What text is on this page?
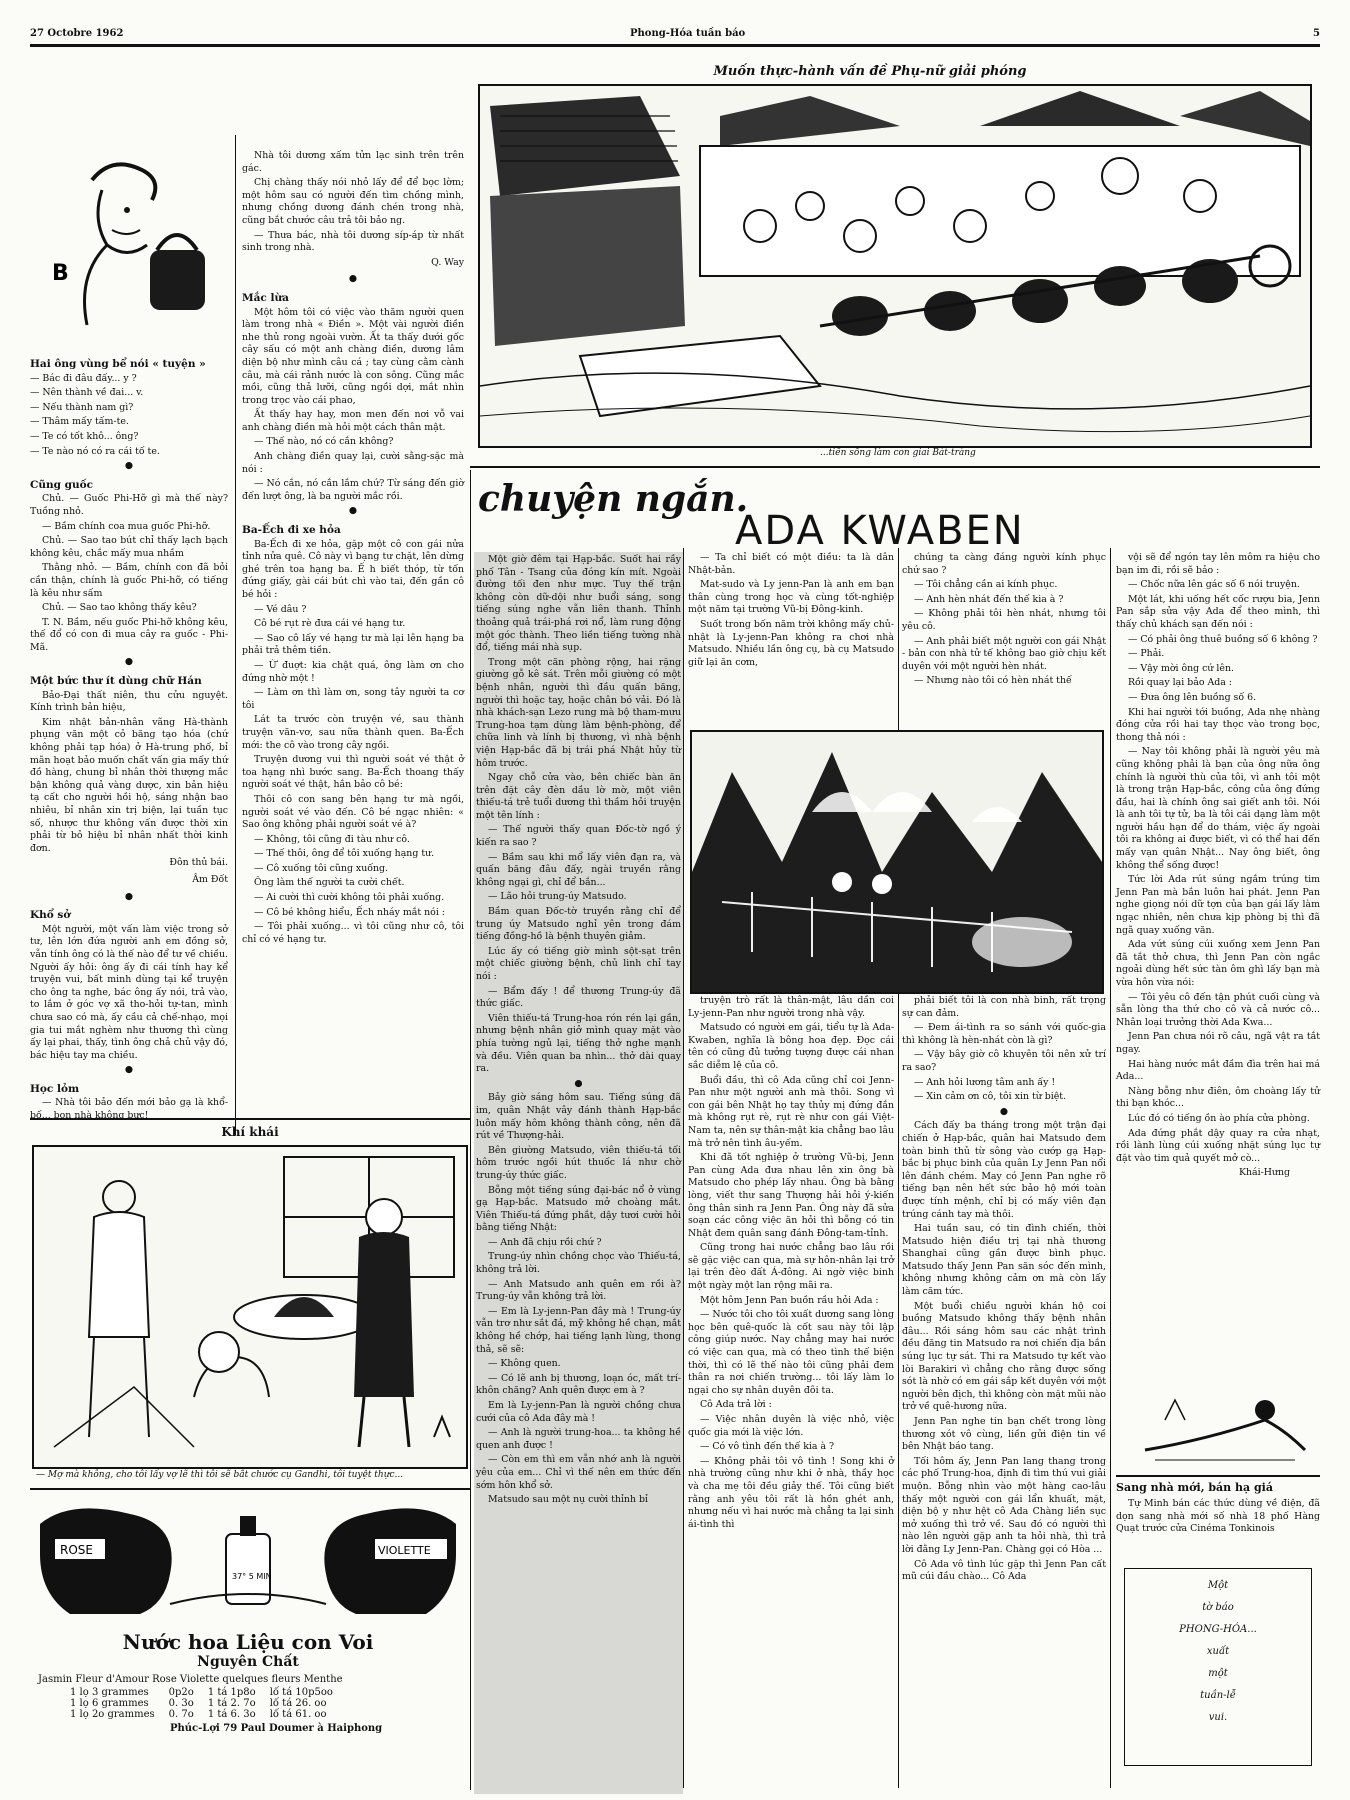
27 Octobre 1962	Phong-Hóa tuần báo	5
B
Hai ông vùng bể nói « tuyện »

— Bác đi đâu đấy... y ?

— Nên thành về đai... v.

— Nếu thành nam gì?

— Thâm mấy tấm-te.

— Te có tốt khô... ông?

— Te nào nó có ra cái tố te.

●

Cũng guốc

Chủ. — Guốc Phi-Hỡ gì mà thế này? Tuồng nhỏ.

— Bầm chính coa mua guốc Phi-hỡ.

Chủ. — Sao tao bút chỉ thấy lạch bạch không kêu, chắc mấy mua nhầm

Thằng nhỏ. — Bầm, chính con đã bỏi cần thận, chính là guốc Phi-hỡ, có tiếng là kêu như sấm

Chủ. — Sao tao không thấy kêu?

T. N. Bầm, nếu guốc Phi-hỡ không kêu, thế đổ có con đi mua cây ra guốc - Phi-Mã.

●

Một bức thư ít dùng chữ Hán

Bảo-Đại thất niên, thu cửu nguyệt. Kính trình bản hiệu,

Kim nhật bản-nhân vãng Hà-thành phụng văn một cỏ băng tạo hóa (chứ không phải tạp hóa) ở Hà-trung phố, bỉ mãn hoạt bảo muốn chất vấn gia mấy thứ đồ hàng, chung bỉ nhân thời thượng mắc bận không quả vàng dược, xin bản hiệu tạ cất cho người hồi hộ, sáng nhận bao nhiêu, bỉ nhân xin trị biện, lại tuần tục số, nhược thư không vấn được thời xin phải từ bỏ hiệu bỉ nhân nhất thời kinh đơn.

Đôn thủ bái.

Âm Đốt

●

Khổ sở

Một người, một vấn làm việc trong sở tư, lên lớn đứa người anh em đồng sở, vẫn tính ông có là thế nào để tư về chiều. Người ấy hỏi: ông ấy đi cái tính hay kể truyện vui, bất minh dùng tại kể truyện cho ông ta nghe, bác ông ấy nói, trả vào, to lắm ở góc vợ xã tho-hỏi tự-tan, mình chưa sao có mà, ấy cầu cả chế-nhạo, mọi gia tui mắt nghèm như thương thì cùng ấy lại phai, thấy, tình ông chả chủ vậy đó, bác hiệu tay ma chiều.

●

Học lỏm

— Nhà tôi bảo đến mới bảo gạ là khổ-bố... bọn nhà không bực!

Nhà tôi dương xấm tửn lạc sinh trên trên gác.

Chị chàng thấy nói nhỏ lấy để để bọc lờm; một hôm sau có người đến tìm chồng mình, nhưng chồng dương đánh chén trong nhà, cũng bắt chước câu trả tôi bảo ng.

— Thưa bác, nhà tôi dương síp-áp từ nhất sinh trong nhà.

Q. Way

●

Mắc lừa

Một hôm tôi có việc vào thăm người quen làm trong nhà « Điền ». Một vài người điền nhe thủ rong ngoài vườn. Ất ta thấy dưới gốc cây sấu có một anh chàng điền, dương lâm diện bộ như mình câu cá ; tay cùng cằm cành câu, mà cái rảnh nước là con sông. Cũng mắc mồi, cũng thả lưỡi, cũng ngồi dợi, mắt nhìn trong trọc vào cái phao,

Ất thấy hay hay, mon men đến nơi vỗ vai anh chàng điền mà hỏi một cách thân mật.

— Thế nào, nó có cắn không?

Anh chàng điền quay lại, cười sằng-sặc mà nói :

— Nó cắn, nó cắn lắm chứ? Từ sáng đến giờ đến lượt ông, là ba người mắc rồi.

●

Ba-Ếch đi xe hỏa

Ba-Ếch đi xe hỏa, gặp một cô con gái nửa tỉnh nửa quê. Cô này vì bạng tư chặt, lên dừng ghé trên toa hạng ba. Ế h biết thóp, từ tốn đứng giấy, gài cái bút chì vào tai, đến gần cô bé hỏi :

— Vé dâu ?

Cô bé rụt rè đưa cái vé hạng tư.

— Sao cô lấy vé hạng tư mà lại lên hạng ba phải trả thêm tiền.

— Ừ đuợt: kia chật quá, ông làm ơn cho đứng nhờ một !

— Làm ơn thì làm ơn, song tây người ta cơ tôi

Lát ta trước còn truyện vé, sau thành truyện văn-vơ, sau nữa thành quen. Ba-Ếch mới: the cô vào trong cây ngồi.

Truyện dương vui thì người soát vé thật ở toa hạng nhì bước sang. Ba-Ếch thoang thấy người soát vé thật, hắn bảo cô bé:

Thôi cô con sang bên hạng tư mà ngồi, người soát vé vào đến. Cô bé ngạc nhiên: « Sao ông không phải người soát vé à?

— Không, tôi cũng đi tàu như cô.

— Thế thôi, ông để tôi xuống hạng tư.

— Cô xuống tôi cũng xuống.

Ông làm thế người ta cười chết.

— Ai cười thì cười không tôi phải xuống.

— Cô bé không hiểu, Ếch nháy mắt nói :

— Tôi phải xuống... vì tôi cũng như cô, tôi chỉ có vé hạng tư.

Muốn thực-hành vấn đề Phụ-nữ giải phóng
...tiền sống làm con giai Bát-tràng
chuyện ngắn.
ADA KWABEN

Một giờ đêm tại Hạp-bắc. Suốt hai rầy phố Tân - Tsang của đóng kín mít. Ngoài đường tối đen như mực. Tuy thế trận không còn dữ-dội như buổi sáng, song tiếng súng nghe vẫn liên thanh. Thỉnh thoảng quả trái-phá rơi nổ, làm rung động một góc thành. Theo liền tiếng tường nhà đổ, tiếng mái nhà sụp.

Trong một căn phòng rộng, hai rặng giường gỗ kê sát. Trên mỗi giường có một bệnh nhân, người thì đầu quấn băng, người thì hoặc tay, hoặc chân bó vải. Đó là nhà khách-sạn Lezo rung mà bộ tham-mưu Trung-hoa tạm dùng làm bệnh-phòng, để chữa linh và lính bị thương, vì nhà bệnh viện Hạp-bắc đã bị trái phá Nhật hủy từ hôm trước.

Ngay chỗ cửa vào, bên chiếc bàn ăn trên đặt cây đèn dầu lờ mờ, một viên thiếu-tá trẻ tuổi dương thì thầm hỏi truyện một tên lính :

— Thế người thấy quan Đốc-tờ ngồ ý kiến ra sao ?

— Bầm sau khi mổ lấy viên đạn ra, và quấn băng đâu đấy, ngài truyền rằng không ngại gì, chỉ để bắn...

— Lão hỏi trung-úy Matsudo.

Bầm quan Đốc-tờ truyền rằng chỉ để trung úy Matsudo nghỉ yên trong đám tiếng đồng-hồ là bệnh thuyên giảm.

Lúc ấy có tiếng giờ mình sột-sạt trên một chiếc giường bệnh, chủ linh chỉ tay nói :

— Bẩm đấy ! để thương Trung-úy đã thức giấc.

Viên thiếu-tá Trung-hoa rón rén lại gần, nhưng bệnh nhân giở mình quay mặt vào phía tường ngủ lại, tiếng thở nghe mạnh và đều. Viên quan ba nhìn... thở dài quay ra.

●

Bảy giờ sáng hôm sau. Tiếng súng đã im, quân Nhật vây đánh thành Hạp-bắc luôn mấy hôm không thành công, nên đã rút về Thượng-hải.

Bên giường Matsudo, viên thiếu-tá tối hôm trước ngồi hút thuốc lá như chờ trung-úy thức giấc.

Bỗng một tiếng súng đại-bác nổ ở vùng gạ Hạp-bắc. Matsudo mở choàng mắt. Viên Thiếu-tá đứng phắt, dậy tươi cười hỏi bằng tiếng Nhật:

— Anh đã chịu rồi chứ ?

Trung-úy nhìn chồng chọc vào Thiếu-tá, không trả lời.

— Anh Matsudo anh quên em rồi à? Trung-úy vẫn không trả lời.

— Em là Ly-jenn-Pan đây mà ! Trung-úy vẫn trơ như sắt đá, mỹ không hề chạn, mắt không hề chớp, hai tiếng lạnh lùng, thong thả, sẽ sẽ:

— Không quen.

— Có lẽ anh bị thương, loạn óc, mất trí-khôn chăng? Anh quên được em à ?

Em là Ly-jenn-Pan là người chồng chưa cưới của cô Ada đây mà !

— Anh là người trung-hoa... ta không hề quen anh được !

— Còn em thì em vẫn nhớ anh là người yêu của em... Chỉ vì thế nên em thức đến sớm hôn khổ sở.

Matsudo sau một nụ cười thỉnh bỉ

— Ta chỉ biết có một điều: ta là dân Nhật-bản.

Mat-sudo và Ly jenn-Pan là anh em bạn thân cùng trong học và cùng tốt-nghiệp một năm tại trường Vũ-bị Đông-kinh.

Suốt trong bốn năm trời không mấy chủ-nhật là Ly-jenn-Pan không ra chơi nhà Matsudo. Nhiều lần ông cụ, bà cụ Matsudo giữ lại ăn cơm,

chúng ta càng đáng người kính phục chứ sao ?

— Tôi chẳng cần ai kính phục.

— Anh hèn nhát đến thế kia à ?

— Không phải tôi hèn nhát, nhưng tôi yêu cô.

— Anh phải biết một người con gái Nhật - bản con nhà tử tế không bao giờ chịu kết duyên với một người hèn nhát.

— Nhưng nào tôi có hèn nhát thế

truyện trò rất là thân-mật, lâu dần coi Ly-jenn-Pan như người trong nhà vậy.

Matsudo có người em gái, tiểu tự là Ada-Kwaben, nghĩa là bông hoa đẹp. Đọc cái tên có cũng đủ tưởng tượng được cái nhan sắc diễm lệ của cô.

Buổi đầu, thì cô Ada cũng chỉ coi Jenn-Pan như một người anh mà thôi. Song vì con gái bên Nhật họ tay thủy mị đứng đắn mà không rụt rè, rụt rè như con gái Việt-Nam ta, nên sự thân-mật kia chẳng bao lâu mà trở nên tình âu-yếm.

Khi đã tốt nghiệp ở trường Vũ-bị, Jenn Pan cùng Ada đưa nhau lên xin ông bà Matsudo cho phép lấy nhau. Ông bà bằng lòng, viết thư sang Thượng hải hỏi ý-kiến ông thân sinh ra Jenn Pan. Ông này đã sửa soạn các công việc ăn hỏi thì bỗng có tin Nhật đem quân sang đánh Đông-tam-tỉnh.

Cũng trong hai nước chẳng bao lâu rồi sẽ gặc việc can qua, mà sự hôn-nhân lại trở lại trên đèo đất Á-đông. Ai ngờ việc binh một ngày một lan rộng mãi ra.

Một hôm Jenn Pan buồn rầu hỏi Ada :

— Nước tôi cho tôi xuất dương sang lòng học bên quê-quốc là cốt sau này tôi lập công giúp nước. Nay chẳng may hai nước có việc can qua, mà có theo tình thế biện thời, thì có lẽ thế nào tôi cũng phải đem thân ra nơi chiến trường... tôi lấy làm lo ngại cho sự nhân duyên đôi ta.

Cô Ada trả lời :

— Việc nhân duyên là việc nhỏ, việc quốc gia mới là việc lớn.

— Có vô tình đến thế kia à ?

— Không phải tôi vô tình ! Song khi ở nhà trường cũng như khi ở nhà, thầy học và cha mẹ tôi đều giảy thế. Tôi cũng biết rằng anh yêu tôi rất là hồn ghét anh, nhưng nếu vì hai nước mà chẳng ta lại sinh ái-tình thì

phải biết tôi là con nhà binh, rất trọng sự can đảm.

— Đem ái-tình ra so sánh với quốc-gia thì không là hèn-nhát còn là gì?

— Vậy bây giờ cô khuyên tôi nên xử trí ra sao?

— Anh hỏi lương tâm anh ấy !

— Xin cảm ơn cô, tôi xin từ biệt.

●

Cách đấy ba tháng trong một trận đại chiến ở Hạp-bắc, quân hai Matsudo đem toàn binh thủ từ sông vào cướp gạ Hạp-bắc bị phục binh của quân Ly Jenn Pan nổi lên đánh chém. May có Jenn Pan nghe rõ tiếng bạn nên hết sức bảo hộ mới toàn được tính mệnh, chỉ bị có mấy viên đạn trúng cánh tay mà thôi.

Hai tuần sau, có tin đình chiến, thời Matsudo hiện điều trị tại nhà thương Shanghai cũng gần được bình phục. Matsudo thấy Jenn Pan săn sóc đến mình, không nhưng không cảm ơn mà còn lấy làm căm tức.

Một buổi chiều người khán hộ coi buồng Matsudo không thấy bệnh nhân đâu... Rồi sáng hôm sau các nhật trình đều đăng tin Matsudo ra nơi chiến địa bắn súng lục tự sát. Thi ra Matsudo tự kết vào lòi Barakiri vì chẳng cho rằng được sống sót là nhờ có em gái sắp kết duyên với một người bên địch, thì không còn mặt mũi nào trở về quê-hương nữa.

Jenn Pan nghe tin bạn chết trong lòng thương xót vô cùng, liền gửi điện tin về bên Nhật báo tang.

Tối hôm ấy, Jenn Pan lang thang trong các phố Trung-hoa, định đi tìm thú vui giải muộn. Bỗng nhìn vào một hàng cao-lâu thấy một người con gái lẩn khuất, mặt, diện bộ y như hệt cô Ada Chàng liền sục mở xuống thì trở về. Sau đó có người thì nào lên người gặp anh ta hỏi nhà, thì trả lời đằng Ly Jenn-Pan. Chàng gọi có Hòa ...

Cô Ada vô tình lúc gặp thì Jenn Pan cất mũ cúi đầu chào... Cô Ada

vội sẽ để ngón tay lên môm ra hiệu cho bạn im đi, rồi sẽ bảo :

— Chốc nữa lên gác số 6 nói truyện.

Một lát, khi uống hết cốc rượu bia, Jenn Pan sắp sửa vậy Ada để theo mình, thì thấy chủ khách sạn đến nói :

— Có phải ông thuê buồng số 6 không ?

— Phải.

— Vậy mời ông cứ lên.

Rồi quay lại bảo Ada :

— Đưa ông lên buồng số 6.

Khi hai người tới buồng, Ada nhẹ nhàng đóng cửa rồi hai tay thọc vào trong bọc, thong thả nói :

— Nay tôi không phải là người yêu mà cũng không phải là bạn của ông nữa ông chính là người thù của tôi, vì anh tôi một là trong trận Hạp-bắc, công của ông đứng đầu, hai là chính ông sai giết anh tôi. Nói là anh tôi tự tử, ba là tôi cái dạng làm một người hầu hạn để do thám, việc ấy ngoài tôi ra không ai được biết, vì có thể hai đến mấy vạn quân Nhật... Nay ông biết, ông không thể sống được!

Tức lời Ada rút súng ngắm trúng tim Jenn Pan mà bắn luôn hai phát. Jenn Pan nghe giọng nói dữ tợn của bạn gái lấy làm ngạc nhiên, nên chưa kịp phòng bị thì đã ngã quay xuống văn.

Ada vứt súng cúi xuống xem Jenn Pan đã tắt thở chưa, thì Jenn Pan còn ngắc ngoải dùng hết sức tàn ôm ghì lấy bạn mà vừa hôn vừa nói:

— Tôi yêu cô đến tận phút cuối cùng và sẵn lòng tha thứ cho cô và cả nước cô... Nhân loại trưởng thời Ada Kwa...

Jenn Pan chưa nói rõ câu, ngã vật ra tắt ngay.

Hai hàng nước mắt đầm đìa trên hai má Ada...

Nàng bỗng như điên, ôm choàng lấy tử thi bạn khóc...

Lúc đó có tiếng ồn ào phía cửa phòng.

Ada đứng phắt dậy quay ra cửa nhạt, rồi lành lùng cúi xuống nhặt súng lục tự đặt vào tim quả quyết mở cò...

Khái-Hưng

Sang nhà mới, bán hạ giá

Tự Minh bán các thức dùng về điện, đã dọn sang nhà mới số nhà 18 phố Hàng Quạt trước cửa Cinéma Tonkinois

Một
tờ báo
PHONG-HÓA...
xuất
một
tuần-lễ
vui.
Khí khái
— Mợ mà không, cho tôi lấy vợ lẽ thì tôi sẽ bắt chước cụ Gandhi, tôi tuyệt thực...
ROSE	VIOLETTE
37° 5 MIN
Nước hoa Liệu con Voi
Nguyên Chất
Jasmin Fleur d'Amour Rose Violette quelques fleurs Menthe
1 lọ 3 grammes	0p2o	1 tá 1p8o	lố tá 10p5oo
1 lọ 6 grammes	0. 3o	1 tá 2. 7o	lố tá 26. oo
1 lọ 2o grammes	0. 7o	1 tá 6. 3o	lố tá 61. oo
Phúc-Lợi 79 Paul Doumer à Haiphong
